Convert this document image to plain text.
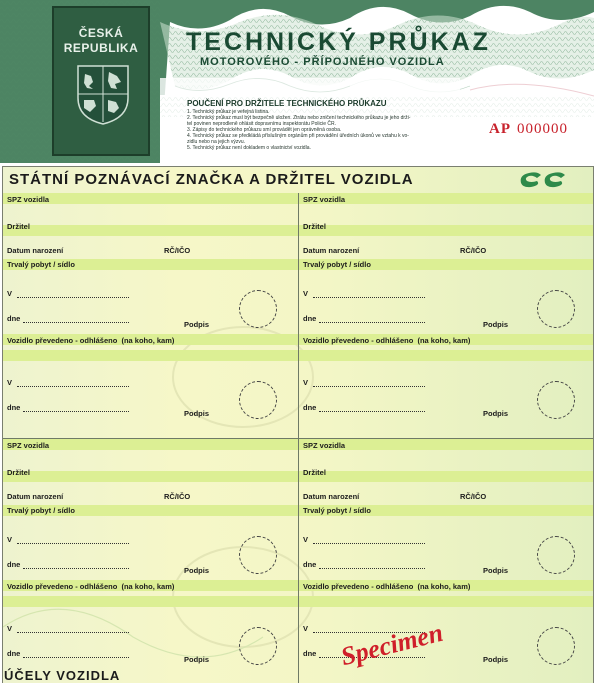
ČESKÁ
REPUBLIKA	TECHNICKÝ PRŮKAZ
MOTOROVÉHO - PŘÍPOJNÉHO VOZIDLA
POUČENÍ PRO DRŽITELE TECHNICKÉHO PRŮKAZU
1. Technický průkaz je veřejná listina.
2. Technický průkaz musí být bezpečně uložen. Ztrátu nebo zničení technického průkazu je jeho drži-
tel povinen neprodleně ohlásit dopravnímu inspektorátu Policie ČR.
3. Zápisy do technického průkazu smí provádět jen oprávněná osoba.
4. Technický průkaz se předkládá příslušným orgánům při provádění úředních úkonů ve vztahu k vo-
zidlu nebo na jejich výzvu.
5. Technický průkaz není dokladem o vlastnictví vozidla.
AP 000000
STÁTNÍ POZNÁVACÍ ZNAČKA A DRŽITEL VOZIDLA
SPZ vozidla
Držitel
Datum narození	RČ/IČO
Trvalý pobyt / sídlo
V
dne
Podpis
Vozidlo převedeno - odhlášeno (na koho, kam)
V
dne
Podpis
SPZ vozidla
Držitel
Datum narození	RČ/IČO
Trvalý pobyt / sídlo
V
dne
Podpis
Vozidlo převedeno - odhlášeno (na koho, kam)
V
dne
Podpis
SPZ vozidla
Držitel
Datum narození	RČ/IČO
Trvalý pobyt / sídlo
V
dne
Podpis
Vozidlo převedeno - odhlášeno (na koho, kam)
V
dne
Podpis
SPZ vozidla
Držitel
Datum narození	RČ/IČO
Trvalý pobyt / sídlo
V
dne
Podpis
Vozidlo převedeno - odhlášeno (na koho, kam)
V
dne
Podpis
Specimen
ÚČELY VOZIDLA
